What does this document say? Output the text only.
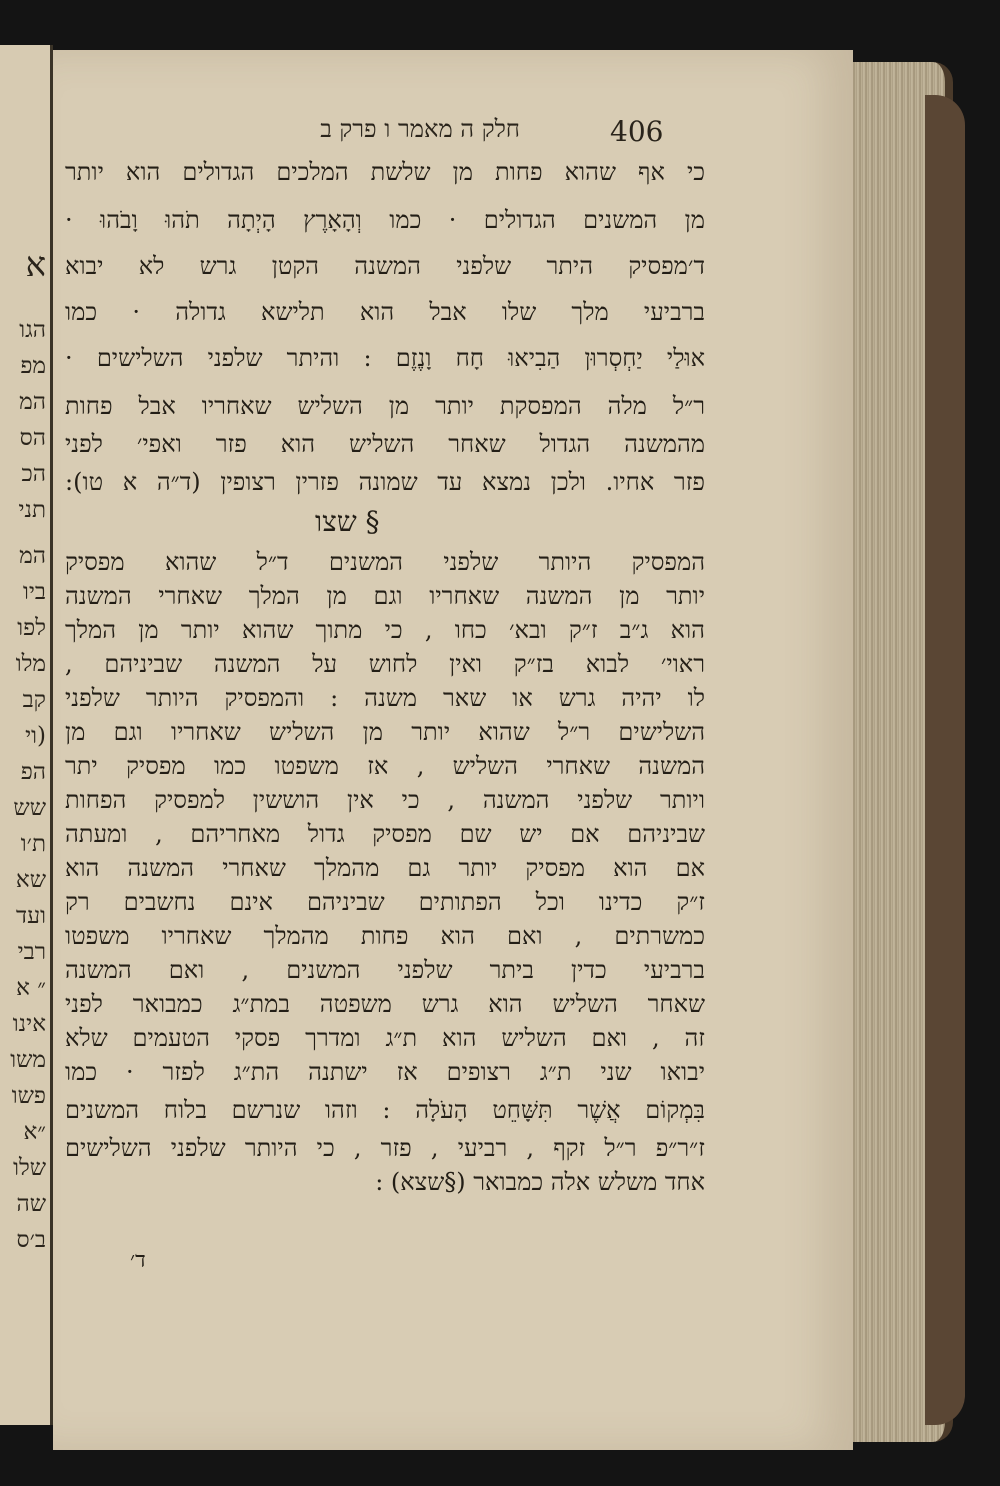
א
הגו
מפ
המ
הס
הכ
תני
המ
ביו
לפו
מלו
קב
(וי
הפ
שש
ת׳ו
שא
ועד
רבי
״ א
אינו
משו
פשו
״א
שלו
שה
ב׳ס
חלק ה מאמר ו פרק ב	406
כי אף שהוא פחות מן שלשת המלכים הגדולים הוא יותר
מן המשנים הגדולים · כמו וְהָאָרֶץ הָיְתָה תֹהוּ וָבֹהוּ ·
ד׳מפסיק היתר שלפני המשנה הקטן גרש לא יבוא
ברביעי מלך שלו אבל הוא תלישא גדולה · כמו
אוּלַי יַחְסְרוּן הַבִיאוּ חָח וָנֶזֶם : והיתר שלפני השלישים ·
ר״ל מלה המפסקת יותר מן השליש שאחריו אבל פחות
מהמשנה הגדול שאחר השליש הוא פזר ואפי׳ לפני
פזר אחיו. ולכן נמצא עד שמונה פזרין רצופין (ד״ה א טו):
§ שצו
המפסיק היותר שלפני המשנים ד״ל שהוא מפסיק
יותר מן המשנה שאחריו וגם מן המלך שאחרי המשנה
הוא ג״ב ז״ק ובא׳ כחו , כי מתוך שהוא יותר מן המלך
ראוי׳ לבוא בז״ק ואין לחוש על המשנה שביניהם ,
לו יהיה גרש או שאר משנה : והמפסיק היותר שלפני
השלישים ר״ל שהוא יותר מן השליש שאחריו וגם מן
המשנה שאחרי השליש , אז משפטו כמו מפסיק יתר
ויותר שלפני המשנה , כי אין הוששין למפסיק הפחות
שביניהם אם יש שם מפסיק גדול מאחריהם , ומעתה
אם הוא מפסיק יותר גם מהמלך שאחרי המשנה הוא
ז״ק כדינו וכל הפתותים שביניהם אינם נחשבים רק
כמשרתים , ואם הוא פחות מהמלך שאחריו משפטו
ברביעי כדין ביתר שלפני המשנים , ואם המשנה
שאחר השליש הוא גרש משפטה במת״ג כמבואר לפני
זה , ואם השליש הוא ת״ג ומדרך פסקי הטעמים שלא
יבואו שני ת״ג רצופים אז ישתנה הת״ג לפזר · כמו
בִּמְקוֹם אֲשֶׁר תִּשָּׁחֵט הָעֹלָה : וזהו שנרשם בלוח המשנים
ז״ר״פ ר״ל זקף , רביעי , פזר , כי היותר שלפני השלישים
אחד משלש אלה כמבואר (§שצא) :
ד׳
